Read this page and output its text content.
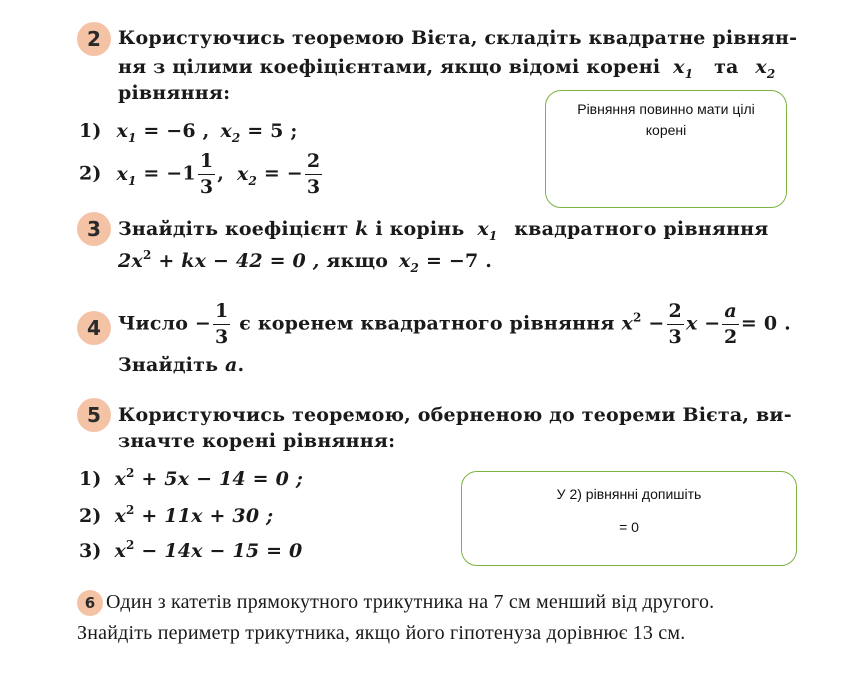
2 Користуючись теоремою Вієта, складіть квадратне рівнян-
ня з цілими коефіцієнтами, якщо відомі корені $x_1$ та $x_2$
рівняння:
1) $x_1 = -6$ , $x_2 = 5$ ;
2) $x_1 = -1 \frac{1}{3}$ , $x_2$ = − $\frac{2}{3}$
Рівняння повинно мати цілі корені
3 Знайдіть коефіцієнт k і корінь $x_1$ квадратного рівняння
$2x^2$ + kx − 42 = 0 , якщо $x_2 = -7$ .
4 Число − $\frac{1}{3}$ є коренем квадратного рівняння $x^2 - \frac{2}{3}$ $x - \frac{a}{2} = 0$ .
Знайдіть a.
5 Користуючись теоремою, оберненою до теореми Вієта, ви-
значте корені рівняння:
1) $x^2 + 5x - 14 = 0$ ;
2) $x^2 + 11x + 30$ ;
3) $x^2 - 14x - 15 = 0$
У 2) рівнянні допишіть
= 0
6 Один з катетів прямокутного трикутника на 7 см менший від другого.
Знайдіть периметр трикутника, якщо його гіпотенуза дорівнює 13 см.
